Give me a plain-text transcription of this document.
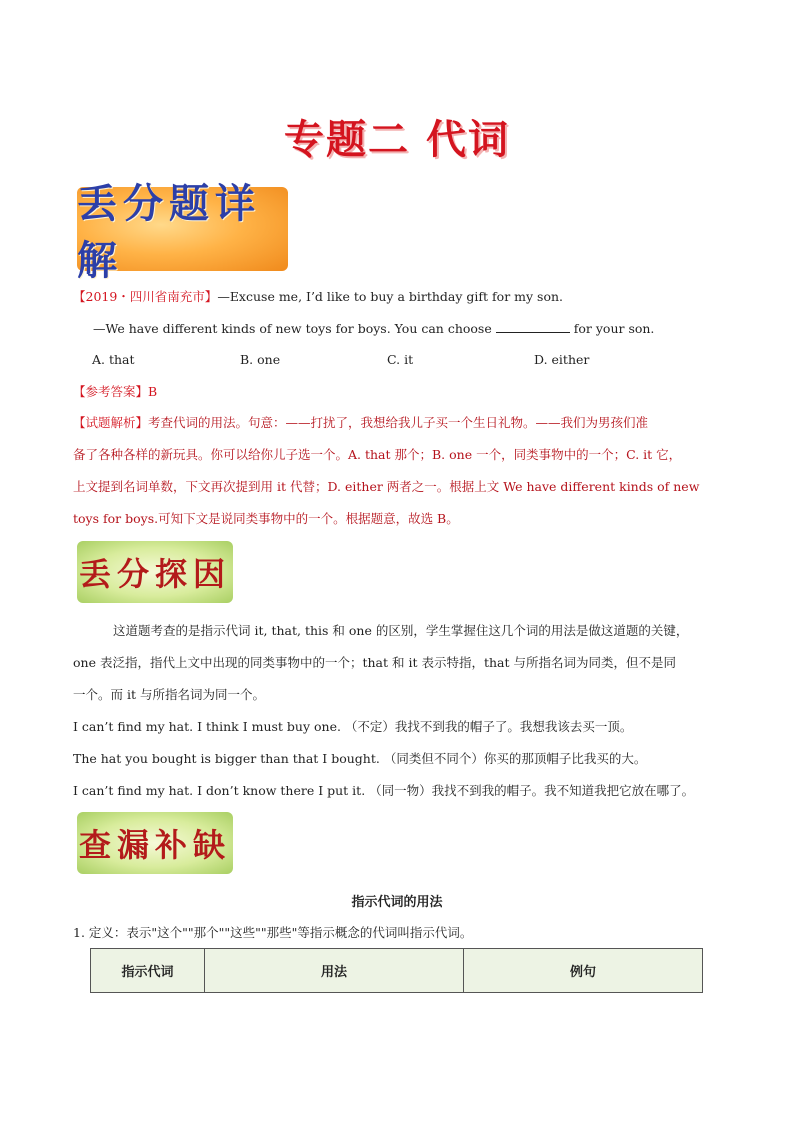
专题二 代词
丢分题详解
【2019・四川省南充市】—Excuse me, I’d like to buy a birthday gift for my son.
—We have different kinds of new toys for boys. You can choose	for your son.
A. that	B. one	C. it	D. either
【参考答案】B
【试题解析】考查代词的用法。句意：——打扰了，我想给我儿子买一个生日礼物。——我们为男孩们准
备了各种各样的新玩具。你可以给你儿子选一个。A. that 那个；B. one 一个，同类事物中的一个；C. it 它，
上文提到名词单数，下文再次提到用 it 代替；D. either 两者之一。根据上文 We have different kinds of new
toys for boys.可知下文是说同类事物中的一个。根据题意，故选 B。
丢分探因
这道题考查的是指示代词 it, that, this 和 one 的区别，学生掌握住这几个词的用法是做这道题的关键，
one 表泛指，指代上文中出现的同类事物中的一个；that 和 it 表示特指，that 与所指名词为同类，但不是同
一个。而 it 与所指名词为同一个。
I can’t find my hat. I think I must buy one. （不定）我找不到我的帽子了。我想我该去买一顶。
The hat you bought is bigger than that I bought. （同类但不同个）你买的那顶帽子比我买的大。
I can’t find my hat. I don’t know there I put it. （同一物）我找不到我的帽子。我不知道我把它放在哪了。
查漏补缺
指示代词的用法
1. 定义：表示"这个""那个""这些""那些"等指示概念的代词叫指示代词。
指示代词	用法	例句
